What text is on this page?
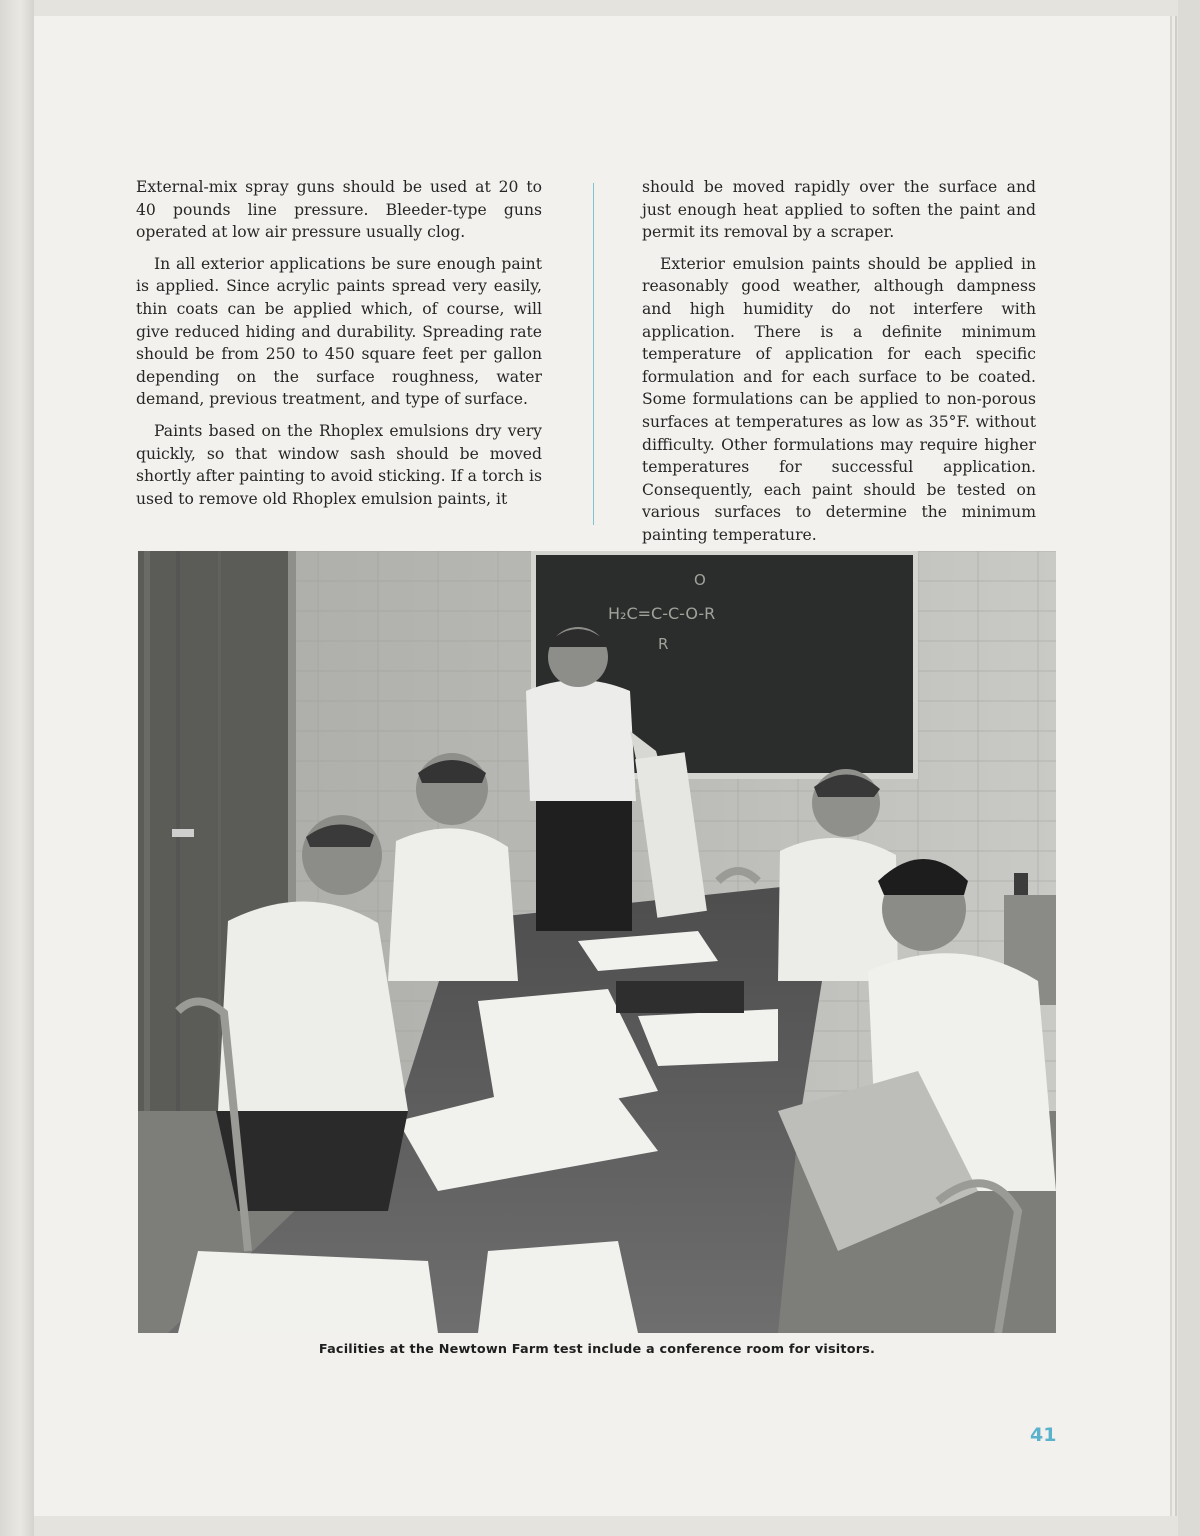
External-mix spray guns should be used at 20 to 40 pounds line pressure. Bleeder-type guns operated at low air pressure usually clog.

In all exterior applications be sure enough paint is applied. Since acrylic paints spread very easily, thin coats can be applied which, of course, will give reduced hiding and durability. Spreading rate should be from 250 to 450 square feet per gallon depending on the surface roughness, water demand, previous treatment, and type of surface.

Paints based on the Rhoplex emulsions dry very quickly, so that window sash should be moved shortly after painting to avoid sticking. If a torch is used to remove old Rhoplex emulsion paints, it

should be moved rapidly over the surface and just enough heat applied to soften the paint and permit its removal by a scraper.

Exterior emulsion paints should be applied in reasonably good weather, although dampness and high humidity do not interfere with application. There is a definite minimum temperature of application for each specific formulation and for each surface to be coated. Some formulations can be applied to non-porous surfaces at temperatures as low as 35°F. without difficulty. Other formulations may require higher temperatures for successful application. Consequently, each paint should be tested on various surfaces to determine the minimum painting temperature.

O
H₂C=C-C-O-R
R
Facilities at the Newtown Farm test include a conference room for visitors.
41
